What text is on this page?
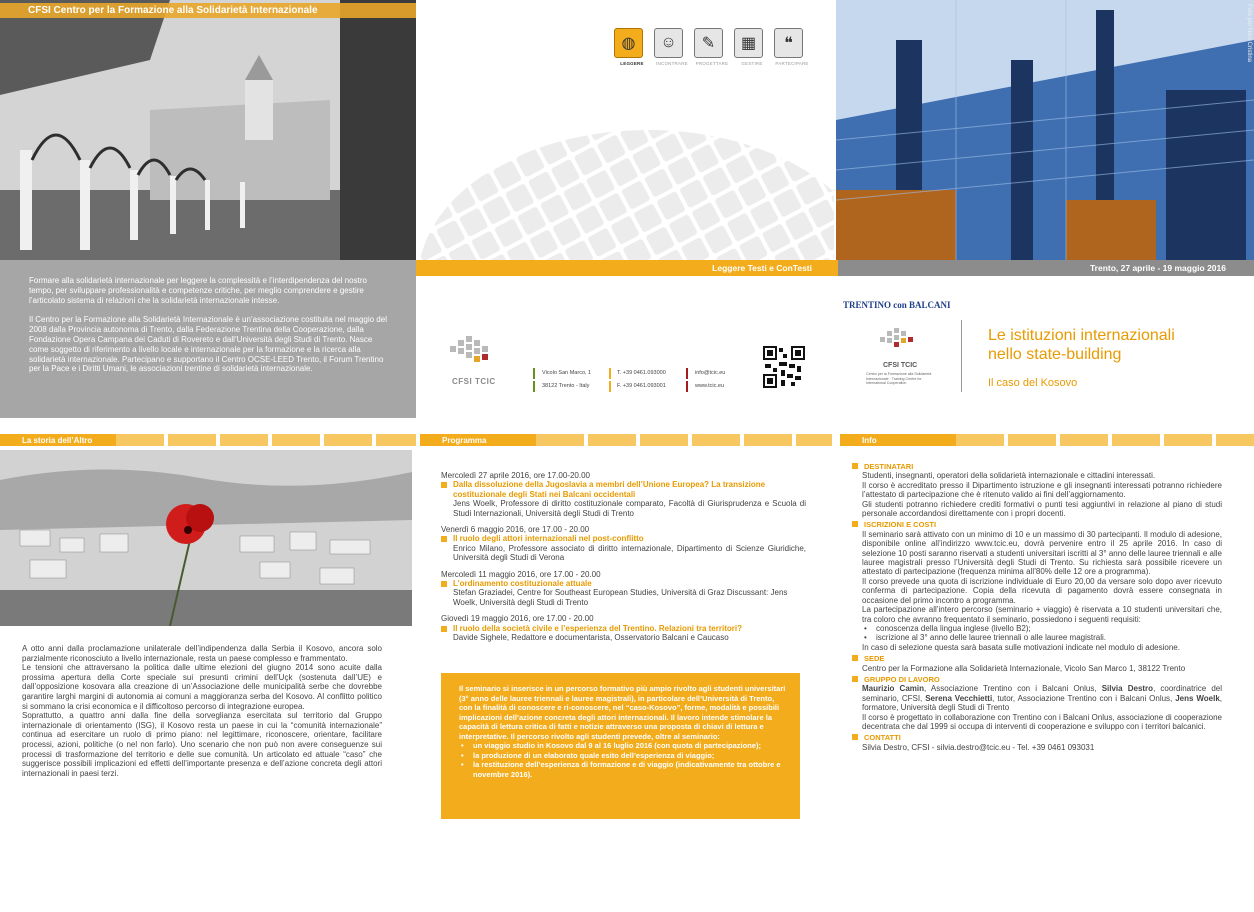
CFSI Centro per la Formazione alla Solidarietà Internazionale

Formare alla solidarietà internazionale per leggere la complessità e l’interdipendenza del nostro tempo, per sviluppare professionalità e competenze critiche, per meglio comprendere e gestire l’articolato sistema di relazioni che la solidarietà internazionale intesse.

Il Centro per la Formazione alla Solidarietà Internazionale è un’associazione costituita nel maggio del 2008 dalla Provincia autonoma di Trento, dalla Federazione Trentina della Cooperazione, dalla Fondazione Opera Campana dei Caduti di Rovereto e dall’Università degli Studi di Trento. Nasce come soggetto di riferimento a livello locale e internazionale per la formazione e la ricerca alla solidarietà internazionale. Partecipano e supportano il Centro OCSE-LEED Trento, il Forum Trentino per la Pace e i Diritti Umani, le associazioni trentine di solidarietà internazionale.

◍
LEGGERE
☺
INCONTRARE
✎
PROGETTARE
▦
GESTIRE
❝
PARTECIPARE
Leggere Testi e ConTesti
Foto per Nico Cristina
Trento, 27 aprile - 19 maggio 2016
CFSI TCIC
Vicolo San Marco, 1
38122 Trento - Italy
T. +39 0461.093000
F. +39 0461.093001
info@tcic.eu
www.tcic.eu
TRENTINO con BALCANI
CFSI TCIC
Centro per la Formazione alla Solidarietà Internazionale · Training Centre for International Cooperation
Le istituzioni internazionali
nello state-building
Il caso del Kosovo
La storia dell’Altro	Programma	Info

A otto anni dalla proclamazione unilaterale dell’indipendenza dalla Serbia il Kosovo, ancora solo parzialmente riconosciuto a livello internazionale, resta un paese complesso e frammentato.

Le tensioni che attraversano la politica dalle ultime elezioni del giugno 2014 sono acuite dalla prossima apertura della Corte speciale sui presunti crimini dell’Uçk (sostenuta dall’UE) e dall’opposizione kosovara alla creazione di un’Associazione delle municipalità serbe che dovrebbe garantire larghi margini di autonomia ai comuni a maggioranza serba del Kosovo. Al conflitto politico si sommano la crisi economica e il difficoltoso percorso di integrazione europea.

Soprattutto, a quattro anni dalla fine della sorveglianza esercitata sul territorio dal Gruppo internazionale di orientamento (ISG), il Kosovo resta un paese in cui la “comunità internazionale” continua ad esercitare un ruolo di primo piano: nel legittimare, riconoscere, orientare, facilitare processi, azioni, politiche (o nel non farlo). Uno scenario che non può non avere conseguenze sui processi di trasformazione del territorio e delle sue comunità. Un articolato ed attuale “caso” che suggerisce possibili implicazioni ed effetti dell’importante presenza e dell’azione concreta degli attori internazionali in paesi terzi.

Mercoledì 27 aprile 2016, ore 17.00-20.00
Dalla dissoluzione della Jugoslavia a membri dell’Unione Europea? La transizione costituzionale degli Stati nei Balcani occidentali
Jens Woelk, Professore di diritto costituzionale comparato, Facoltà di Giurisprudenza e Scuola di Studi Internazionali, Università degli Studi di Trento
Venerdì 6 maggio 2016, ore 17.00 - 20.00
Il ruolo degli attori internazionali nel post-conflitto
Enrico Milano, Professore associato di diritto internazionale, Dipartimento di Scienze Giuridiche, Università degli Studi di Verona
Mercoledì 11 maggio 2016, ore 17.00 - 20.00
L’ordinamento costituzionale attuale
Stefan Graziadei, Centre for Southeast European Studies, Università di Graz Discussant: Jens Woelk, Università degli Studi di Trento
Giovedì 19 maggio 2016, ore 17.00 - 20.00
Il ruolo della società civile e l’esperienza del Trentino. Relazioni tra territori?
Davide Sighele, Redattore e documentarista, Osservatorio Balcani e Caucaso
Il seminario si inserisce in un percorso formativo più ampio rivolto agli studenti universitari (3° anno delle lauree triennali e lauree magistrali), in particolare dell’Università di Trento, con la finalità di conoscere e ri-conoscere, nel “caso-Kosovo”, forme, modalità e possibili implicazioni dell’azione concreta degli attori internazionali. Il lavoro intende stimolare la capacità di lettura critica di fatti e notizie attraverso una proposta di chiavi di lettura e interpretative. Il percorso rivolto agli studenti prevede, oltre al seminario:
• un viaggio studio in Kosovo dal 9 al 16 luglio 2016 (con quota di partecipazione);
• la produzione di un elaborato quale esito dell’esperienza di viaggio;
• la restituzione dell’esperienza di formazione e di viaggio (indicativamente tra ottobre e novembre 2016).
DESTINATARI
Studenti, insegnanti, operatori della solidarietà internazionale e cittadini interessati.
Il corso è accreditato presso il Dipartimento istruzione e gli insegnanti interessati potranno richiedere l’attestato di partecipazione che è ritenuto valido ai fini dell’aggiornamento.
Gli studenti potranno richiedere crediti formativi o punti tesi aggiuntivi in relazione al piano di studi personale accordandosi direttamente con i propri docenti.
ISCRIZIONI E COSTI
Il seminario sarà attivato con un minimo di 10 e un massimo di 30 partecipanti. Il modulo di adesione, disponibile online all’indirizzo www.tcic.eu, dovrà pervenire entro il 25 aprile 2016. In caso di selezione 10 posti saranno riservati a studenti universitari iscritti al 3° anno delle lauree triennali e alle lauree magistrali presso l’Università degli Studi di Trento. Su richiesta sarà possibile ricevere un attestato di partecipazione (frequenza minima all’80% delle 12 ore a programma).
Il corso prevede una quota di iscrizione individuale di Euro 20,00 da versare solo dopo aver ricevuto conferma di partecipazione. Copia della ricevuta di pagamento dovrà essere consegnata in occasione del primo incontro a programma.
La partecipazione all’intero percorso (seminario + viaggio) è riservata a 10 studenti universitari che, tra coloro che avranno frequentato il seminario, possiedono i seguenti requisiti:
• conoscenza della lingua inglese (livello B2);
• iscrizione al 3° anno delle lauree triennali o alle lauree magistrali.
In caso di selezione questa sarà basata sulle motivazioni indicate nel modulo di adesione.
SEDE
Centro per la Formazione alla Solidarietà Internazionale, Vicolo San Marco 1, 38122 Trento
GRUPPO DI LAVORO
Maurizio Camin, Associazione Trentino con i Balcani Onlus, Silvia Destro, coordinatrice del seminario, CFSI, Serena Vecchietti, tutor, Associazione Trentino con i Balcani Onlus, Jens Woelk, formatore, Università degli Studi di Trento
Il corso è progettato in collaborazione con Trentino con i Balcani Onlus, associazione di cooperazione decentrata che dal 1999 si occupa di interventi di cooperazione e sviluppo con i territori balcanici.
CONTATTI
Silvia Destro, CFSI - silvia.destro@tcic.eu - Tel. +39 0461 093031
